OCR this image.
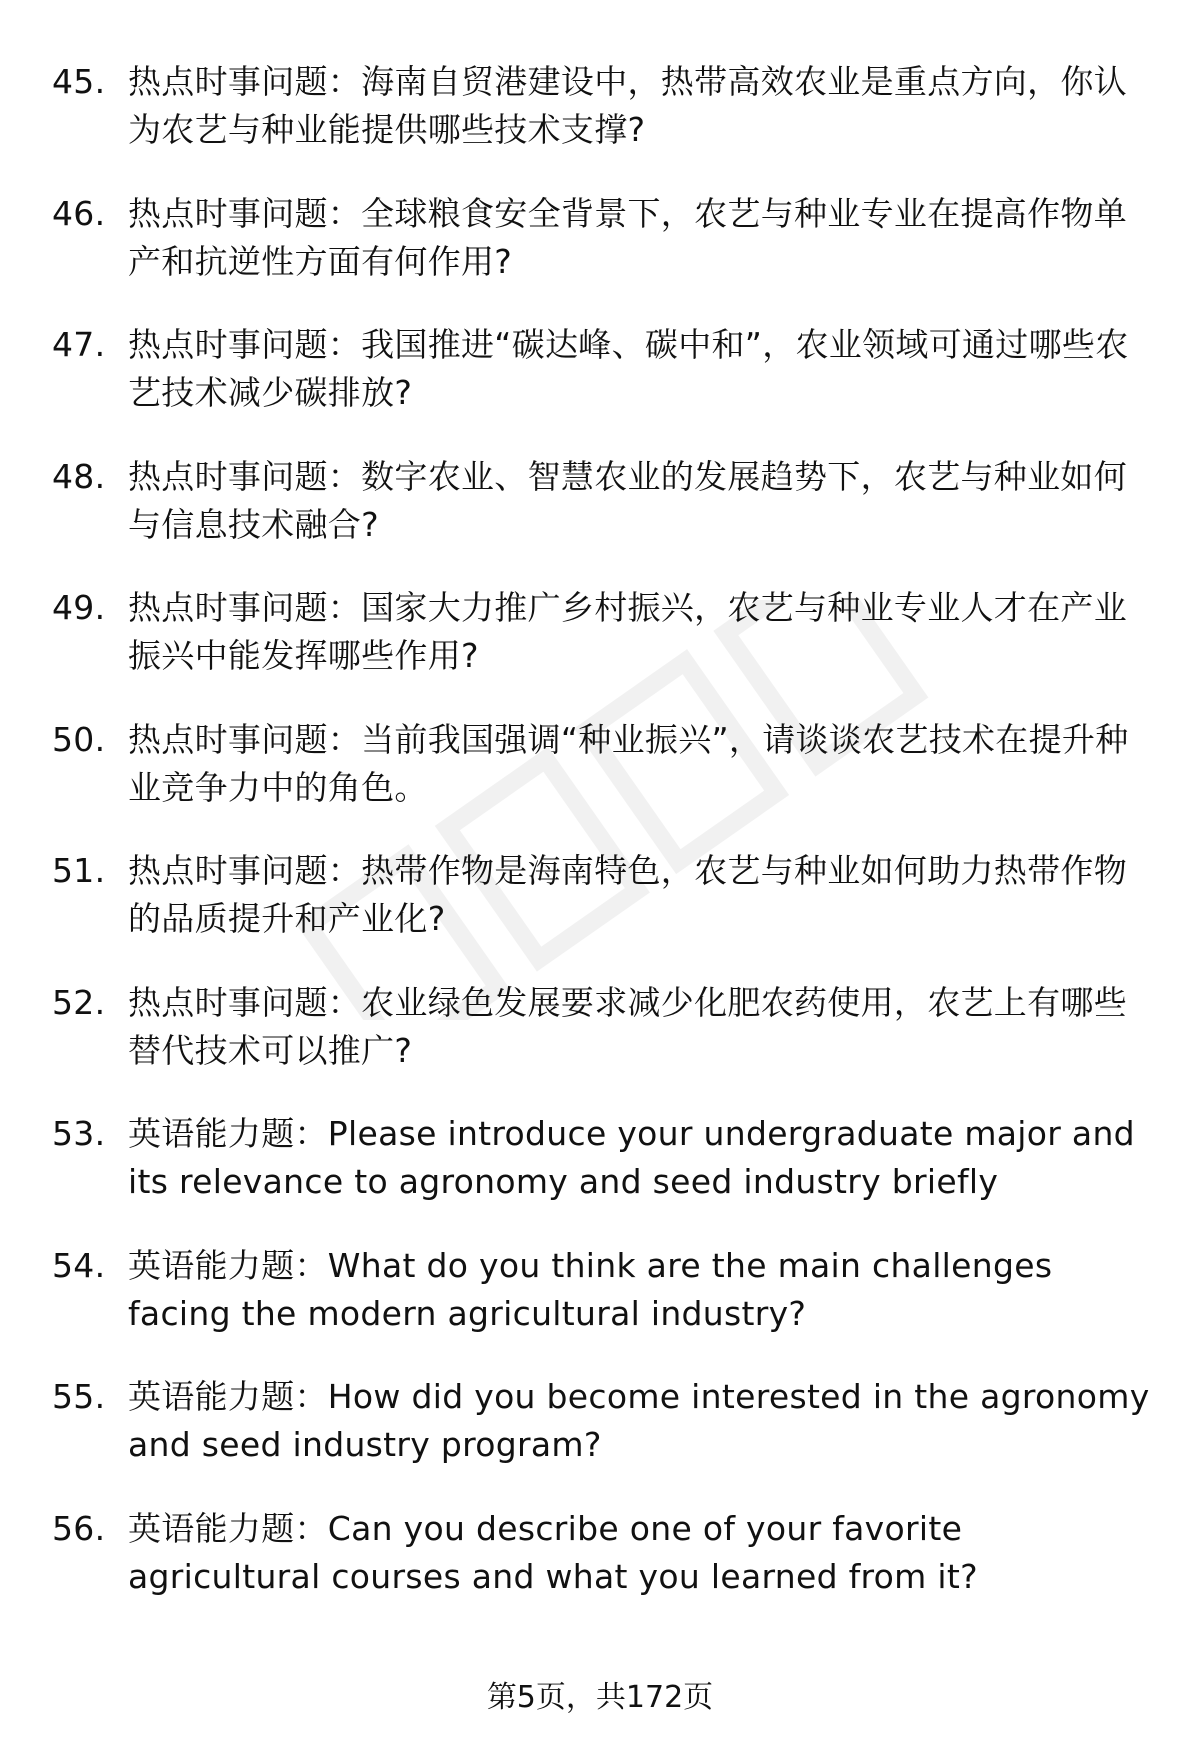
45. 热点时事问题：海南自贸港建设中，热带高效农业是重点方向，你认为农艺与种业能提供哪些技术支撑?
46. 热点时事问题：全球粮食安全背景下，农艺与种业专业在提高作物单产和抗逆性方面有何作用?
47. 热点时事问题：我国推进“碳达峰、碳中和”，农业领域可通过哪些农艺技术减少碳排放?
48. 热点时事问题：数字农业、智慧农业的发展趋势下，农艺与种业如何与信息技术融合?
49. 热点时事问题：国家大力推广乡村振兴，农艺与种业专业人才在产业振兴中能发挥哪些作用?
50. 热点时事问题：当前我国强调“种业振兴”，请谈谈农艺技术在提升种业竞争力中的角色。
51. 热点时事问题：热带作物是海南特色，农艺与种业如何助力热带作物的品质提升和产业化?
52. 热点时事问题：农业绿色发展要求减少化肥农药使用，农艺上有哪些替代技术可以推广?
53. 英语能力题：Please introduce your undergraduate major and its relevance to agronomy and seed industry briefly
54. 英语能力题：What do you think are the main challenges facing the modern agricultural industry?
55. 英语能力题：How did you become interested in the agronomy and seed industry program?
56. 英语能力题：Can you describe one of your favorite agricultural courses and what you learned from it?
第5页，共172页
